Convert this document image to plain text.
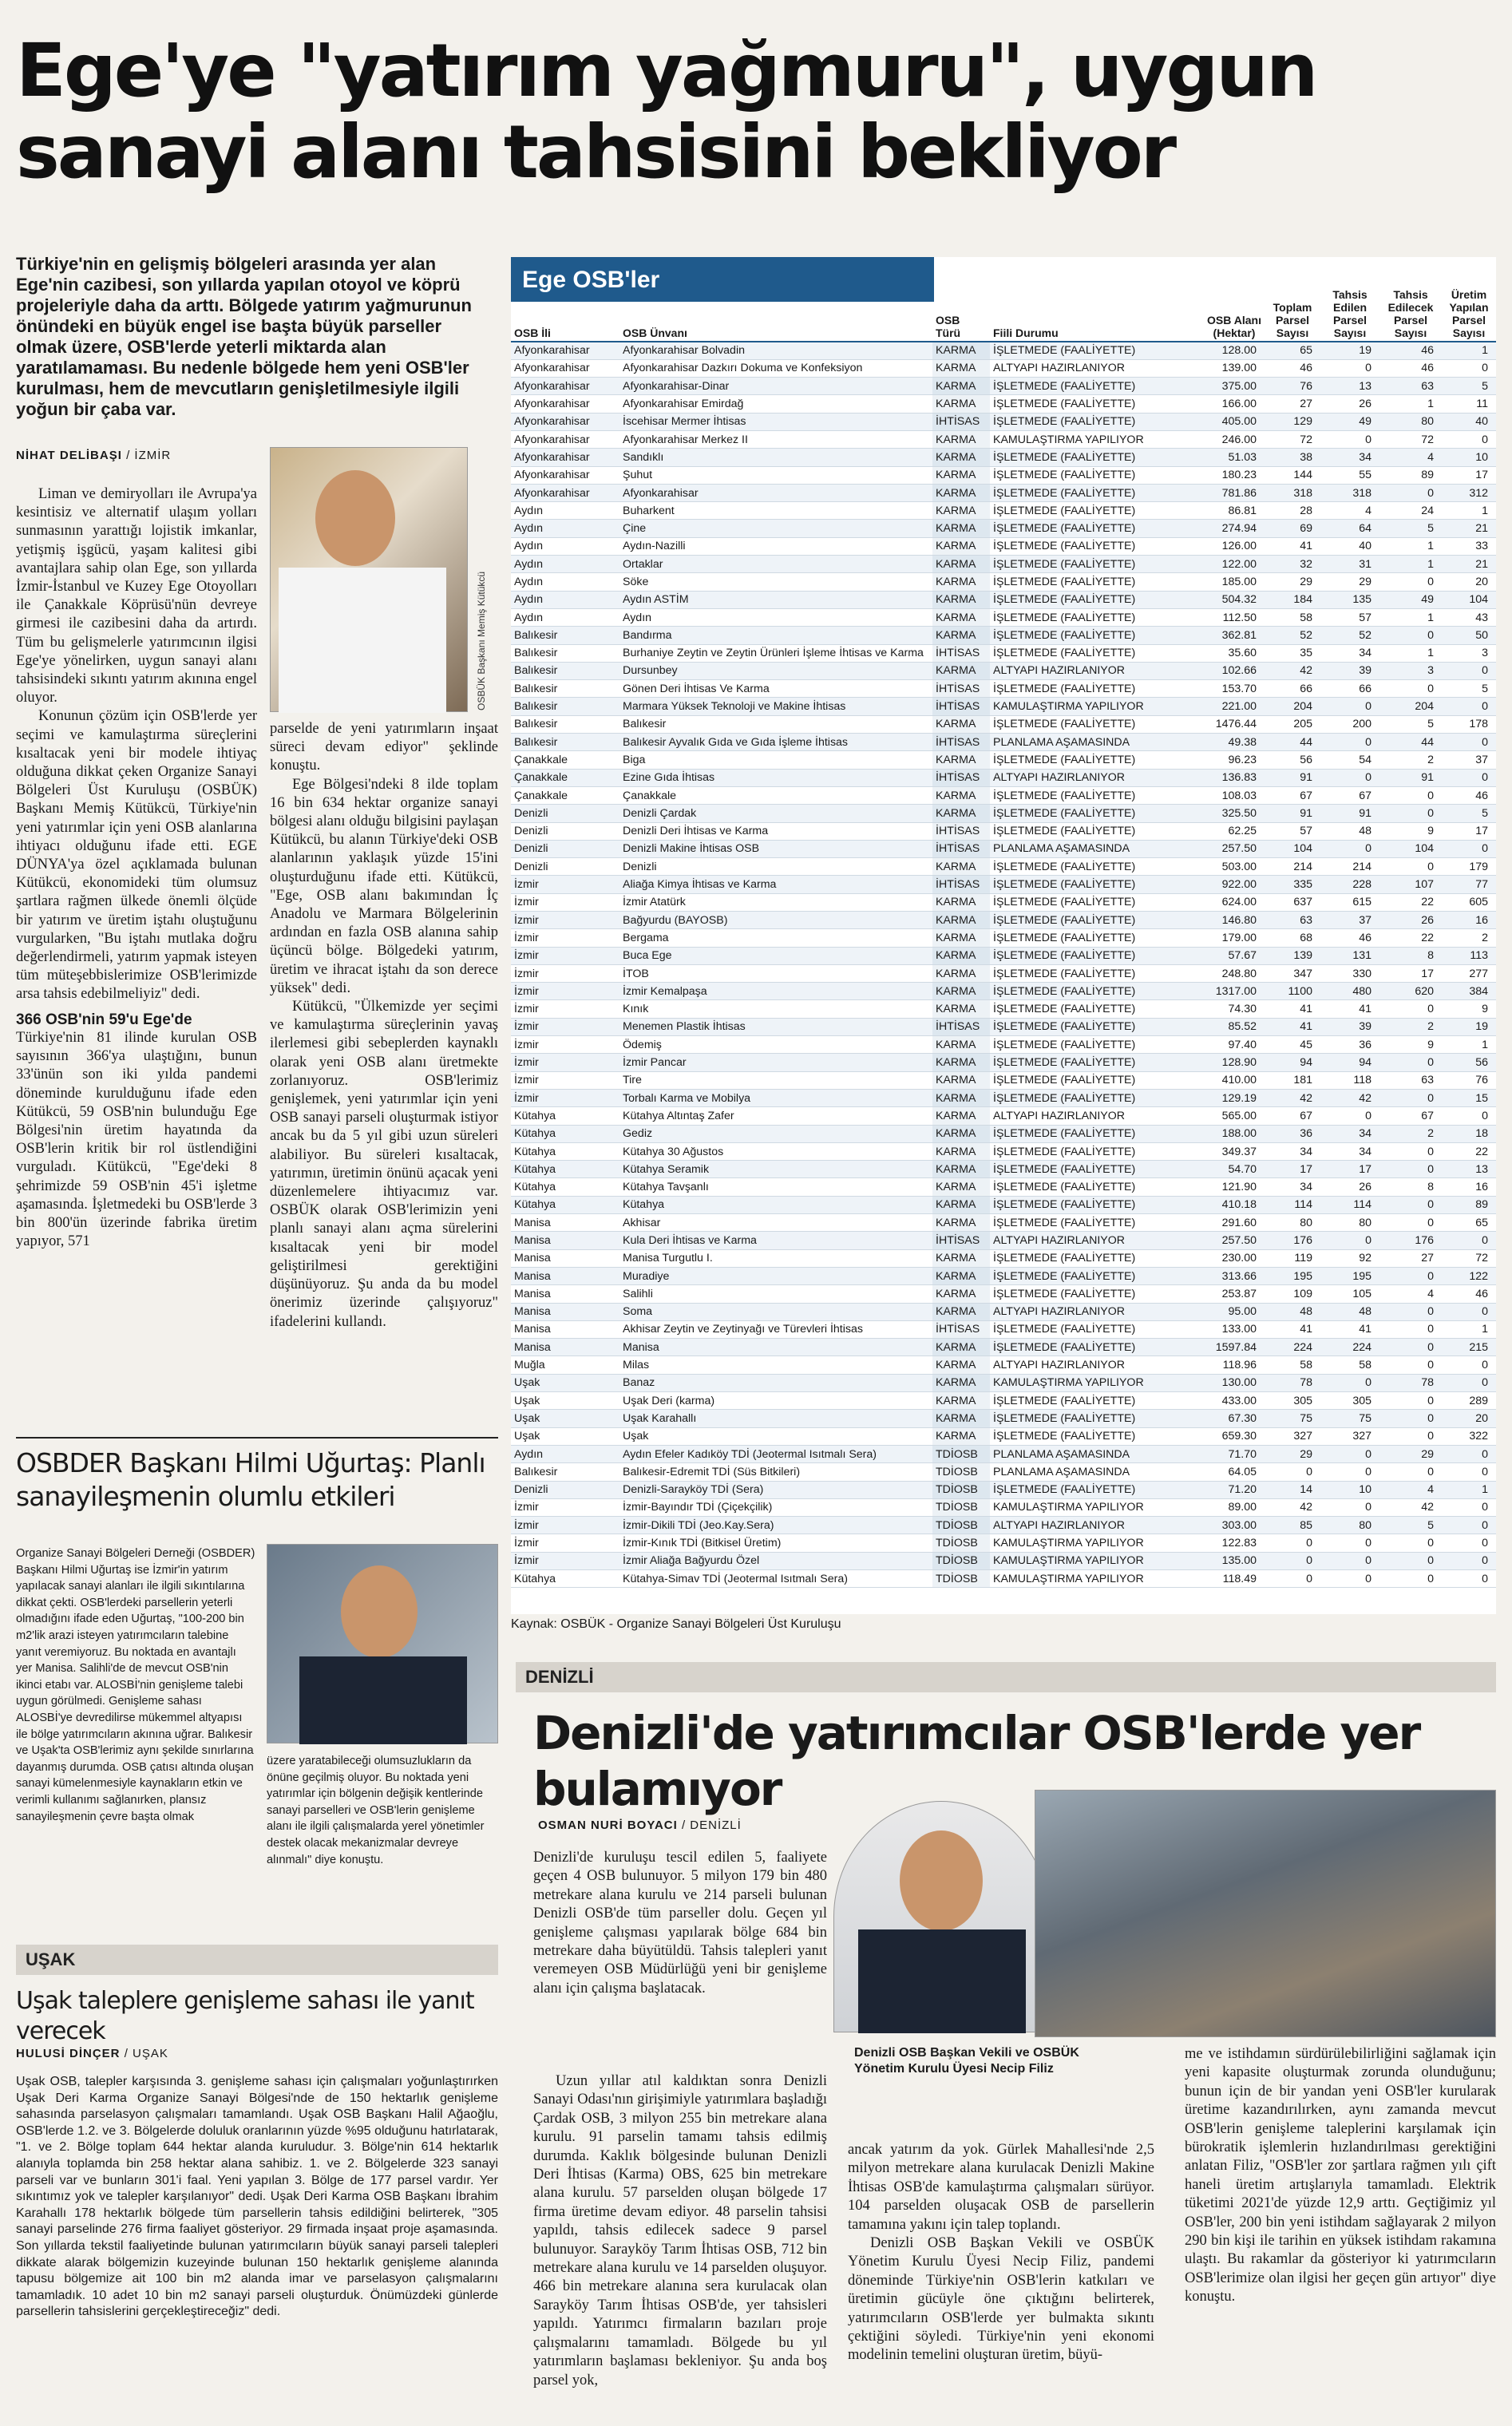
Ege'ye "yatırım yağmuru", uygun sanayi alanı tahsisini bekliyor
Türkiye'nin en gelişmiş bölgeleri arasında yer alan Ege'nin cazibesi, son yıllarda yapılan otoyol ve köprü projeleriyle daha da arttı. Bölgede yatırım yağmurunun önündeki en büyük engel ise başta büyük parseller olmak üzere, OSB'lerde yeterli miktarda alan yaratılamaması. Bu nedenle bölgede hem yeni OSB'ler kurulması, hem de mevcutların genişletilmesiyle ilgili yoğun bir çaba var.
NİHAT DELİBAŞI / İZMİR
OSBÜK Başkanı Memiş Kütükcü

Liman ve demiryolları ile Avrupa'ya kesintisiz ve alternatif ulaşım yolları sunmasının yarattığı lojistik imkanlar, yetişmiş işgücü, yaşam kalitesi gibi avantajlara sahip olan Ege, son yıllarda İzmir-İstanbul ve Kuzey Ege Otoyolları ile Çanakkale Köprüsü'nün devreye girmesi ile cazibesini daha da artırdı. Tüm bu gelişmelerle yatırımcının ilgisi Ege'ye yönelirken, uygun sanayi alanı tahsisindeki sıkıntı yatırım akınına engel oluyor.

Konunun çözüm için OSB'lerde yer seçimi ve kamulaştırma süreçlerini kısaltacak yeni bir modele ihtiyaç olduğuna dikkat çeken Organize Sanayi Bölgeleri Üst Kuruluşu (OSBÜK) Başkanı Memiş Kütükcü, Türkiye'nin yeni yatırımlar için yeni OSB alanlarına ihtiyacı olduğunu ifade etti. EGE DÜNYA'ya özel açıklamada bulunan Kütükcü, ekonomideki tüm olumsuz şartlara rağmen ülkede önemli ölçüde bir yatırım ve üretim iştahı oluştuğunu vurgularken, "Bu iştahı mutlaka doğru değerlendirmeli, yatırım yapmak isteyen tüm müteşebbislerimize OSB'lerimizde arsa tahsis edebilmeliyiz" dedi.

366 OSB'nin 59'u Ege'de

Türkiye'nin 81 ilinde kurulan OSB sayısının 366'ya ulaştığını, bunun 33'ünün son iki yılda pandemi döneminde kurulduğunu ifade eden Kütükcü, 59 OSB'nin bulunduğu Ege Bölgesi'nin üretim hayatında da OSB'lerin kritik bir rol üstlendiğini vurguladı. Kütükcü, "Ege'deki 8 şehrimizde 59 OSB'nin 45'i işletme aşamasında. İşletmedeki bu OSB'lerde 3 bin 800'ün üzerinde fabrika üretim yapıyor, 571

parselde de yeni yatırımların inşaat süreci devam ediyor" şeklinde konuştu.

Ege Bölgesi'ndeki 8 ilde toplam 16 bin 634 hektar organize sanayi bölgesi alanı olduğu bilgisini paylaşan Kütükcü, bu alanın Türkiye'deki OSB alanlarının yaklaşık yüzde 15'ini oluşturduğunu ifade etti. Kütükcü, "Ege, OSB alanı bakımından İç Anadolu ve Marmara Bölgelerinin ardından en fazla OSB alanına sahip üçüncü bölge. Bölgedeki yatırım, üretim ve ihracat iştahı da son derece yüksek" dedi.

Kütükcü, "Ülkemizde yer seçimi ve kamulaştırma süreçlerinin yavaş ilerlemesi gibi sebeplerden kaynaklı olarak yeni OSB alanı üretmekte zorlanıyoruz. OSB'lerimiz genişlemek, yeni yatırımlar için yeni OSB sanayi parseli oluşturmak istiyor ancak bu da 5 yıl gibi uzun süreleri alabiliyor. Bu süreleri kısaltacak, yatırımın, üretimin önünü açacak yeni düzenlemelere ihtiyacımız var. OSBÜK olarak OSB'lerimizin yeni planlı sanayi alanı açma sürelerini kısaltacak yeni bir model geliştirilmesi gerektiğini düşünüyoruz. Şu anda da bu model önerimiz üzerinde çalışıyoruz" ifadelerini kullandı.

OSB İli	OSB Ünvanı	OSB Türü	Fiili Durumu	OSB Alanı (Hektar)	Toplam Parsel Sayısı	Tahsis Edilen Parsel Sayısı	Tahsis Edilecek Parsel Sayısı	Üretim Yapılan Parsel Sayısı
Afyonkarahisar	Afyonkarahisar Bolvadin	KARMA	İŞLETMEDE (FAALİYETTE)	128.00	65	19	46	1
Afyonkarahisar	Afyonkarahisar Dazkırı Dokuma ve Konfeksiyon	KARMA	ALTYAPI HAZIRLANIYOR	139.00	46	0	46	0
Afyonkarahisar	Afyonkarahisar-Dinar	KARMA	İŞLETMEDE (FAALİYETTE)	375.00	76	13	63	5
Afyonkarahisar	Afyonkarahisar Emirdağ	KARMA	İŞLETMEDE (FAALİYETTE)	166.00	27	26	1	11
Afyonkarahisar	İscehisar Mermer İhtisas	İHTİSAS	İŞLETMEDE (FAALİYETTE)	405.00	129	49	80	40
Afyonkarahisar	Afyonkarahisar Merkez II	KARMA	KAMULAŞTIRMA YAPILIYOR	246.00	72	0	72	0
Afyonkarahisar	Sandıklı	KARMA	İŞLETMEDE (FAALİYETTE)	51.03	38	34	4	10
Afyonkarahisar	Şuhut	KARMA	İŞLETMEDE (FAALİYETTE)	180.23	144	55	89	17
Afyonkarahisar	Afyonkarahisar	KARMA	İŞLETMEDE (FAALİYETTE)	781.86	318	318	0	312
Aydın	Buharkent	KARMA	İŞLETMEDE (FAALİYETTE)	86.81	28	4	24	1
Aydın	Çine	KARMA	İŞLETMEDE (FAALİYETTE)	274.94	69	64	5	21
Aydın	Aydın-Nazilli	KARMA	İŞLETMEDE (FAALİYETTE)	126.00	41	40	1	33
Aydın	Ortaklar	KARMA	İŞLETMEDE (FAALİYETTE)	122.00	32	31	1	21
Aydın	Söke	KARMA	İŞLETMEDE (FAALİYETTE)	185.00	29	29	0	20
Aydın	Aydın ASTİM	KARMA	İŞLETMEDE (FAALİYETTE)	504.32	184	135	49	104
Aydın	Aydın	KARMA	İŞLETMEDE (FAALİYETTE)	112.50	58	57	1	43
Balıkesir	Bandırma	KARMA	İŞLETMEDE (FAALİYETTE)	362.81	52	52	0	50
Balıkesir	Burhaniye Zeytin ve Zeytin Ürünleri İşleme İhtisas ve Karma	İHTİSAS	İŞLETMEDE (FAALİYETTE)	35.60	35	34	1	3
Balıkesir	Dursunbey	KARMA	ALTYAPI HAZIRLANIYOR	102.66	42	39	3	0
Balıkesir	Gönen Deri İhtisas Ve Karma	İHTİSAS	İŞLETMEDE (FAALİYETTE)	153.70	66	66	0	5
Balıkesir	Marmara Yüksek Teknoloji ve Makine İhtisas	İHTİSAS	KAMULAŞTIRMA YAPILIYOR	221.00	204	0	204	0
Balıkesir	Balıkesir	KARMA	İŞLETMEDE (FAALİYETTE)	1476.44	205	200	5	178
Balıkesir	Balıkesir Ayvalık Gıda ve Gıda İşleme İhtisas	İHTİSAS	PLANLAMA AŞAMASINDA	49.38	44	0	44	0
Çanakkale	Biga	KARMA	İŞLETMEDE (FAALİYETTE)	96.23	56	54	2	37
Çanakkale	Ezine Gıda İhtisas	İHTİSAS	ALTYAPI HAZIRLANIYOR	136.83	91	0	91	0
Çanakkale	Çanakkale	KARMA	İŞLETMEDE (FAALİYETTE)	108.03	67	67	0	46
Denizli	Denizli Çardak	KARMA	İŞLETMEDE (FAALİYETTE)	325.50	91	91	0	5
Denizli	Denizli Deri İhtisas ve Karma	İHTİSAS	İŞLETMEDE (FAALİYETTE)	62.25	57	48	9	17
Denizli	Denizli Makine İhtisas OSB	İHTİSAS	PLANLAMA AŞAMASINDA	257.50	104	0	104	0
Denizli	Denizli	KARMA	İŞLETMEDE (FAALİYETTE)	503.00	214	214	0	179
İzmir	Aliağa Kimya İhtisas ve Karma	İHTİSAS	İŞLETMEDE (FAALİYETTE)	922.00	335	228	107	77
İzmir	İzmir Atatürk	KARMA	İŞLETMEDE (FAALİYETTE)	624.00	637	615	22	605
İzmir	Bağyurdu (BAYOSB)	KARMA	İŞLETMEDE (FAALİYETTE)	146.80	63	37	26	16
İzmir	Bergama	KARMA	İŞLETMEDE (FAALİYETTE)	179.00	68	46	22	2
İzmir	Buca Ege	KARMA	İŞLETMEDE (FAALİYETTE)	57.67	139	131	8	113
İzmir	İTOB	KARMA	İŞLETMEDE (FAALİYETTE)	248.80	347	330	17	277
İzmir	İzmir Kemalpaşa	KARMA	İŞLETMEDE (FAALİYETTE)	1317.00	1100	480	620	384
İzmir	Kınık	KARMA	İŞLETMEDE (FAALİYETTE)	74.30	41	41	0	9
İzmir	Menemen Plastik İhtisas	İHTİSAS	İŞLETMEDE (FAALİYETTE)	85.52	41	39	2	19
İzmir	Ödemiş	KARMA	İŞLETMEDE (FAALİYETTE)	97.40	45	36	9	1
İzmir	İzmir Pancar	KARMA	İŞLETMEDE (FAALİYETTE)	128.90	94	94	0	56
İzmir	Tire	KARMA	İŞLETMEDE (FAALİYETTE)	410.00	181	118	63	76
İzmir	Torbalı Karma ve Mobilya	KARMA	İŞLETMEDE (FAALİYETTE)	129.19	42	42	0	15
Kütahya	Kütahya Altıntaş Zafer	KARMA	ALTYAPI HAZIRLANIYOR	565.00	67	0	67	0
Kütahya	Gediz	KARMA	İŞLETMEDE (FAALİYETTE)	188.00	36	34	2	18
Kütahya	Kütahya 30 Ağustos	KARMA	İŞLETMEDE (FAALİYETTE)	349.37	34	34	0	22
Kütahya	Kütahya Seramik	KARMA	İŞLETMEDE (FAALİYETTE)	54.70	17	17	0	13
Kütahya	Kütahya Tavşanlı	KARMA	İŞLETMEDE (FAALİYETTE)	121.90	34	26	8	16
Kütahya	Kütahya	KARMA	İŞLETMEDE (FAALİYETTE)	410.18	114	114	0	89
Manisa	Akhisar	KARMA	İŞLETMEDE (FAALİYETTE)	291.60	80	80	0	65
Manisa	Kula Deri İhtisas ve Karma	İHTİSAS	ALTYAPI HAZIRLANIYOR	257.50	176	0	176	0
Manisa	Manisa Turgutlu I.	KARMA	İŞLETMEDE (FAALİYETTE)	230.00	119	92	27	72
Manisa	Muradiye	KARMA	İŞLETMEDE (FAALİYETTE)	313.66	195	195	0	122
Manisa	Salihli	KARMA	İŞLETMEDE (FAALİYETTE)	253.87	109	105	4	46
Manisa	Soma	KARMA	ALTYAPI HAZIRLANIYOR	95.00	48	48	0	0
Manisa	Akhisar Zeytin ve Zeytinyağı ve Türevleri İhtisas	İHTİSAS	İŞLETMEDE (FAALİYETTE)	133.00	41	41	0	1
Manisa	Manisa	KARMA	İŞLETMEDE (FAALİYETTE)	1597.84	224	224	0	215
Muğla	Milas	KARMA	ALTYAPI HAZIRLANIYOR	118.96	58	58	0	0
Uşak	Banaz	KARMA	KAMULAŞTIRMA YAPILIYOR	130.00	78	0	78	0
Uşak	Uşak Deri (karma)	KARMA	İŞLETMEDE (FAALİYETTE)	433.00	305	305	0	289
Uşak	Uşak Karahallı	KARMA	İŞLETMEDE (FAALİYETTE)	67.30	75	75	0	20
Uşak	Uşak	KARMA	İŞLETMEDE (FAALİYETTE)	659.30	327	327	0	322
Aydın	Aydın Efeler Kadıköy TDİ (Jeotermal Isıtmalı Sera)	TDİOSB	PLANLAMA AŞAMASINDA	71.70	29	0	29	0
Balıkesir	Balıkesir-Edremit TDİ (Süs Bitkileri)	TDİOSB	PLANLAMA AŞAMASINDA	64.05	0	0	0	0
Denizli	Denizli-Sarayköy TDİ (Sera)	TDİOSB	İŞLETMEDE (FAALİYETTE)	71.20	14	10	4	1
İzmir	İzmir-Bayındır TDİ (Çiçekçilik)	TDİOSB	KAMULAŞTIRMA YAPILIYOR	89.00	42	0	42	0
İzmir	İzmir-Dikili TDİ (Jeo.Kay.Sera)	TDİOSB	ALTYAPI HAZIRLANIYOR	303.00	85	80	5	0
İzmir	İzmir-Kınık TDİ (Bitkisel Üretim)	TDİOSB	KAMULAŞTIRMA YAPILIYOR	122.83	0	0	0	0
İzmir	İzmir Aliağa Bağyurdu Özel	TDİOSB	KAMULAŞTIRMA YAPILIYOR	135.00	0	0	0	0
Kütahya	Kütahya-Simav TDİ (Jeotermal Isıtmalı Sera)	TDİOSB	KAMULAŞTIRMA YAPILIYOR	118.49	0	0	0	0
Ege OSB'ler
Kaynak: OSBÜK - Organize Sanayi Bölgeleri Üst Kuruluşu
OSBDER Başkanı Hilmi Uğurtaş: Planlı sanayileşmenin olumlu etkileri

Organize Sanayi Bölgeleri Derneği (OSBDER) Başkanı Hilmi Uğurtaş ise İzmir'in yatırım yapılacak sanayi alanları ile ilgili sıkıntılarına dikkat çekti. OSB'lerdeki parsellerin yeterli olmadığını ifade eden Uğurtaş, "100-200 bin m2'lik arazi isteyen yatırımcıların talebine yanıt veremiyoruz. Bu noktada en avantajlı yer Manisa. Salihli'de de mevcut OSB'nin ikinci etabı var. ALOSBİ'nin genişleme talebi uygun görülmedi. Genişleme sahası ALOSBİ'ye devredilirse mükemmel altyapısı ile bölge yatırımcıların akınına uğrar. Balıkesir ve Uşak'ta OSB'lerimiz aynı şekilde sınırlarına dayanmış durumda. OSB çatısı altında oluşan sanayi kümelenmesiyle kaynakların etkin ve verimli kullanımı sağlanırken, plansız sanayileşmenin çevre başta olmak

üzere yaratabileceği olumsuzlukların da önüne geçilmiş oluyor. Bu noktada yeni yatırımlar için bölgenin değişik kentlerinde sanayi parselleri ve OSB'lerin genişleme alanı ile ilgili çalışmalarda yerel yönetimler destek olacak mekanizmalar devreye alınmalı" diye konuştu.

UŞAK
Uşak taleplere genişleme sahası ile yanıt verecek
HULUSİ DİNÇER / UŞAK

Uşak OSB, talepler karşısında 3. genişleme sahası için çalışmaları yoğunlaştırırken Uşak Deri Karma Organize Sanayi Bölgesi'nde de 150 hektarlık genişleme sahasında parselasyon çalışmaları tamamlandı. Uşak OSB Başkanı Halil Ağaoğlu, OSB'lerde 1.2. ve 3. Bölgelerde doluluk oranlarının yüzde %95 olduğunu hatırlatarak, "1. ve 2. Bölge toplam 644 hektar alanda kuruludur. 3. Bölge'nin 614 hektarlık alanıyla toplamda bin 258 hektar alana sahibiz. 1. ve 2. Bölgelerde 323 sanayi parseli var ve bunların 301'i faal. Yeni yapılan 3. Bölge de 177 parsel vardır. Yer sıkıntımız yok ve talepler karşılanıyor" dedi. Uşak Deri Karma OSB Başkanı İbrahim Karahallı 178 hektarlık bölgede tüm parsellerin tahsis edildiğini belirterek, "305 sanayi parselinde 276 firma faaliyet gösteriyor. 29 firmada inşaat proje aşamasında. Son yıllarda tekstil faaliyetinde bulunan yatırımcıların büyük sanayi parseli talepleri dikkate alarak bölgemizin kuzeyinde bulunan 150 hektarlık genişleme alanında tapusu bölgemize ait 100 bin m2 alanda imar ve parselasyon çalışmalarını tamamladık. 10 adet 10 bin m2 sanayi parseli oluşturduk. Önümüzdeki günlerde parsellerin tahsislerini gerçekleştireceğiz" dedi.

DENİZLİ
Denizli'de yatırımcılar OSB'lerde yer bulamıyor
OSMAN NURİ BOYACI / DENİZLİ

Denizli'de kuruluşu tescil edilen 5, faaliyete geçen 4 OSB bulunuyor. 5 milyon 179 bin 480 metrekare alana kurulu ve 214 parseli bulunan Denizli OSB'de tüm parseller dolu. Geçen yıl genişleme çalışması yapılarak bölge 684 bin metrekare daha büyütüldü. Tahsis talepleri yanıt veremeyen OSB Müdürlüğü yeni bir genişleme alanı için çalışma başlatacak.

Uzun yıllar atıl kaldıktan sonra Denizli Sanayi Odası'nın girişimiyle yatırımlara başladığı Çardak OSB, 3 milyon 255 bin metrekare alana kurulu. 91 parselin tamamı tahsis edilmiş durumda. Kaklık bölgesinde bulunan Denizli Deri İhtisas (Karma) OBS, 625 bin metrekare alana kurulu. 57 parselden oluşan bölgede 17 firma üretime devam ediyor. 48 parselin tahsisi yapıldı, tahsis edilecek sadece 9 parsel bulunuyor. Sarayköy Tarım İhtisas OSB, 712 bin metrekare alana kurulu ve 14 parselden oluşuyor. 466 bin metrekare alanına sera kurulacak olan Sarayköy Tarım İhtisas OSB'de, yer tahsisleri yapıldı. Yatırımcı firmaların bazıları proje çalışmalarını tamamladı. Bölgede bu yıl yatırımların başlaması bekleniyor. Şu anda boş parsel yok,

Denizli OSB Başkan Vekili ve OSBÜK Yönetim Kurulu Üyesi Necip Filiz

ancak yatırım da yok. Gürlek Mahallesi'nde 2,5 milyon metrekare alana kurulacak Denizli Makine İhtisas OSB'de kamulaştırma çalışmaları sürüyor. 104 parselden oluşacak OSB de parsellerin tamamına yakını için talep toplandı.

Denizli OSB Başkan Vekili ve OSBÜK Yönetim Kurulu Üyesi Necip Filiz, pandemi döneminde Türkiye'nin OSB'lerin katkıları ve üretimin gücüyle öne çıktığını belirterek, yatırımcıların OSB'lerde yer bulmakta sıkıntı çektiğini söyledi. Türkiye'nin yeni ekonomi modelinin temelini oluşturan üretim, büyü-

me ve istihdamın sürdürülebilirliğini sağlamak için yeni kapasite oluşturmak zorunda olunduğunu; bunun için de bir yandan yeni OSB'ler kurularak üretime kazandırılırken, aynı zamanda mevcut OSB'lerin genişleme taleplerini karşılamak için bürokratik işlemlerin hızlandırılması gerektiğini anlatan Filiz, "OSB'ler zor şartlara rağmen yılı çift haneli üretim artışlarıyla tamamladı. Elektrik tüketimi 2021'de yüzde 12,9 arttı. Geçtiğimiz yıl OSB'ler, 200 bin yeni istihdam sağlayarak 2 milyon 290 bin kişi ile tarihin en yüksek istihdam rakamına ulaştı. Bu rakamlar da gösteriyor ki yatırımcıların OSB'lerimize olan ilgisi her geçen gün artıyor" diye konuştu.
